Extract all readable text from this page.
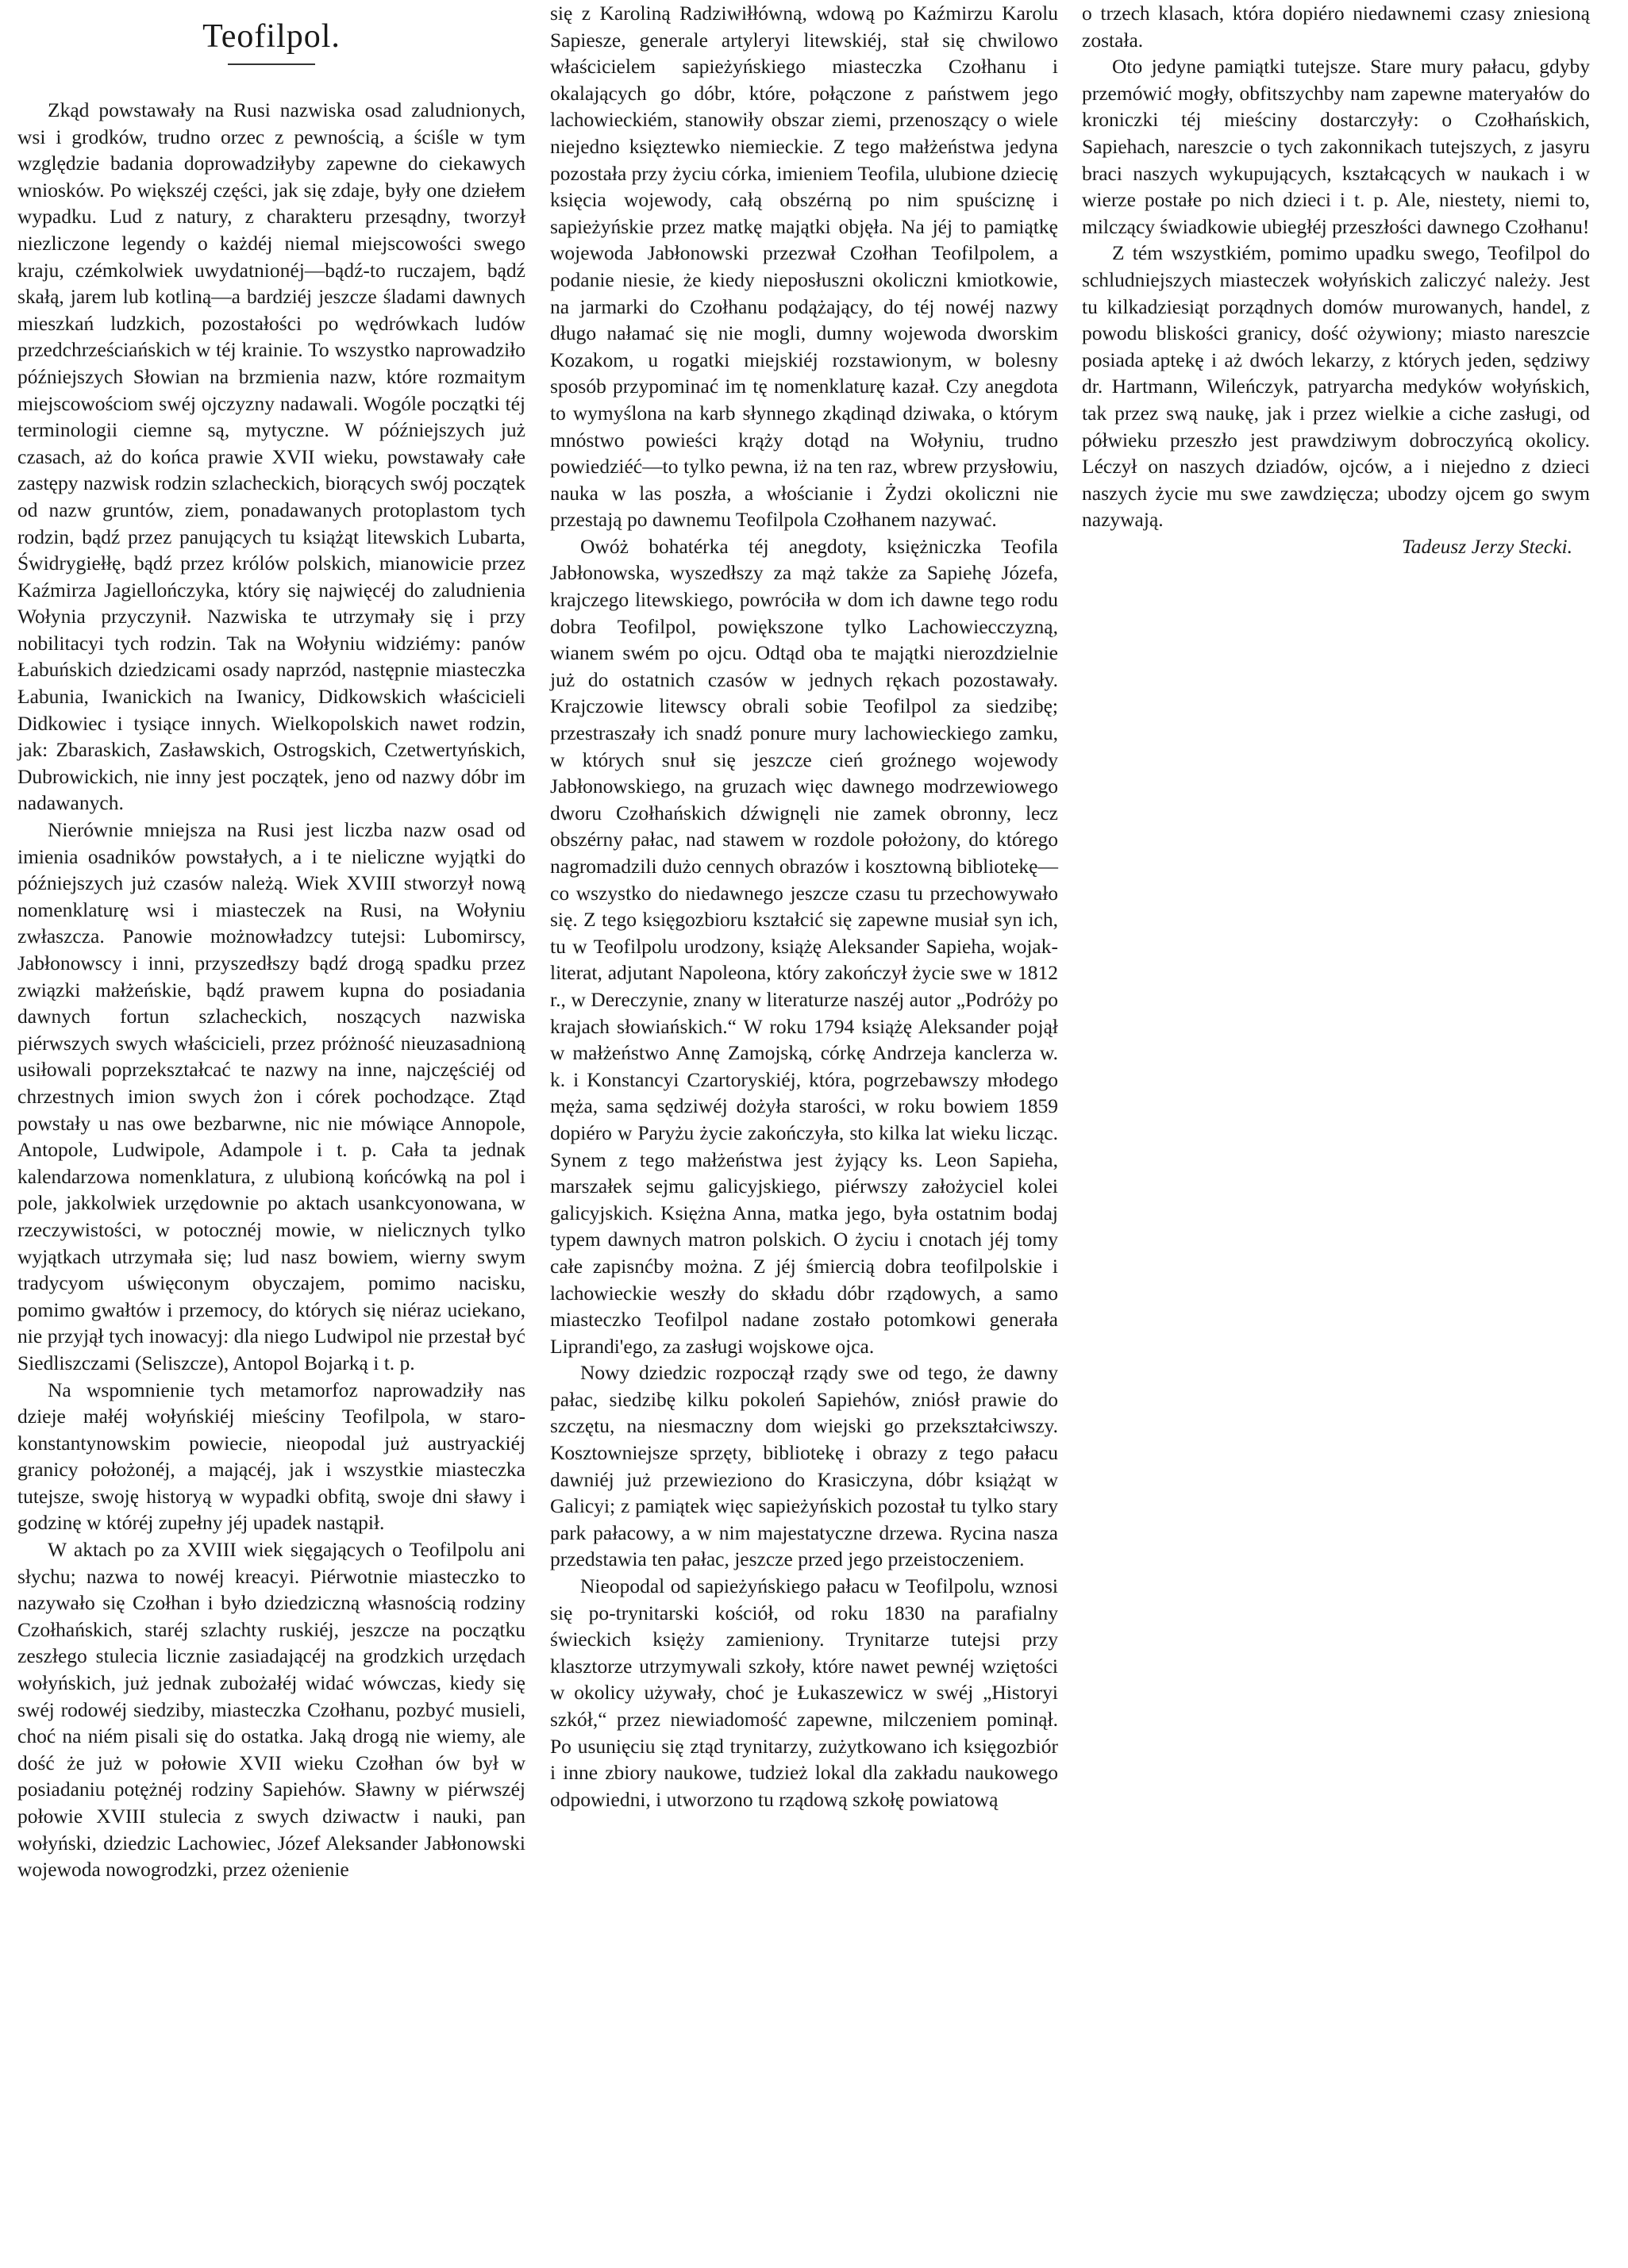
Teofilpol.

Zkąd powstawały na Rusi nazwiska osad zaludnionych, wsi i grodków, trudno orzec z pewnością, a ściśle w tym względzie badania doprowadziłyby zapewne do ciekawych wniosków. Po większéj części, jak się zdaje, były one dziełem wypadku. Lud z natury, z charakteru przesądny, tworzył niezliczone legendy o każdéj niemal miejscowości swego kraju, czémkolwiek uwydatnionéj—bądź-to ruczajem, bądź skałą, jarem lub kotliną—a bardziéj jeszcze śladami dawnych mieszkań ludzkich, pozostałości po wędrówkach ludów przedchrześciańskich w téj krainie. To wszystko naprowadziło późniejszych Słowian na brzmienia nazw, które rozmaitym miejscowościom swéj ojczyzny nadawali. Wogóle początki téj terminologii ciemne są, mytyczne. W późniejszych już czasach, aż do końca prawie XVII wieku, powstawały całe zastępy nazwisk rodzin szlacheckich, biorących swój początek od nazw gruntów, ziem, ponadawanych protoplastom tych rodzin, bądź przez panujących tu książąt litewskich Lubarta, Świdrygiełłę, bądź przez królów polskich, mianowicie przez Kaźmirza Jagiellończyka, który się najwięcéj do zaludnienia Wołynia przyczynił. Nazwiska te utrzymały się i przy nobilitacyi tych rodzin. Tak na Wołyniu widziémy: panów Łabuńskich dziedzicami osady naprzód, następnie miasteczka Łabunia, Iwanickich na Iwanicy, Didkowskich właścicieli Didkowiec i tysiące innych. Wielkopolskich nawet rodzin, jak: Zbaraskich, Zasławskich, Ostrogskich, Czetwertyńskich, Dubrowickich, nie inny jest początek, jeno od nazwy dóbr im nadawanych.

Nierównie mniejsza na Rusi jest liczba nazw osad od imienia osadników powstałych, a i te nieliczne wyjątki do późniejszych już czasów należą. Wiek XVIII stworzył nową nomenklaturę wsi i miasteczek na Rusi, na Wołyniu zwłaszcza. Panowie możnowładzcy tutejsi: Lubomirscy, Jabłonowscy i inni, przyszedłszy bądź drogą spadku przez związki małżeńskie, bądź prawem kupna do posiadania dawnych fortun szlacheckich, noszących nazwiska piérwszych swych właścicieli, przez próżność nieuzasadnioną usiłowali poprzekształcać te nazwy na inne, najczęściéj od chrzestnych imion swych żon i córek pochodzące. Ztąd powstały u nas owe bezbarwne, nic nie mówiące Annopole, Antopole, Ludwipole, Adampole i t. p. Cała ta jednak kalendarzowa nomenklatura, z ulubioną końcówką na pol i pole, jakkolwiek urzędownie po aktach usankcyonowana, w rzeczywistości, w potocznéj mowie, w nielicznych tylko wyjątkach utrzymała się; lud nasz bowiem, wierny swym tradycyom uświęconym obyczajem, pomimo nacisku, pomimo gwałtów i przemocy, do których się niéraz uciekano, nie przyjął tych inowacyj: dla niego Ludwipol nie przestał być Siedliszczami (Seliszcze), Antopol Bojarką i t. p.

Na wspomnienie tych metamorfoz naprowadziły nas dzieje małéj wołyńskiéj mieściny Teofilpola, w staro-konstantynowskim powiecie, nieopodal już austryackiéj granicy położonéj, a mającéj, jak i wszystkie miasteczka tutejsze, swoję historyą w wypadki obfitą, swoje dni sławy i godzinę w któréj zupełny jéj upadek nastąpił.

W aktach po za XVIII wiek sięgających o Teofilpolu ani słychu; nazwa to nowéj kreacyi. Piérwotnie miasteczko to nazywało się Czołhan i było dziedziczną własnością rodziny Czołhańskich, staréj szlachty ruskiéj, jeszcze na początku zeszłego stulecia licznie zasiadającéj na grodzkich urzędach wołyńskich, już jednak zubożałéj widać wówczas, kiedy się swéj rodowéj siedziby, miasteczka Czołhanu, pozbyć musieli, choć na niém pisali się do ostatka. Jaką drogą nie wiemy, ale dość że już w połowie XVII wieku Czołhan ów był w posiadaniu potężnéj rodziny Sapiehów. Sławny w piérwszéj połowie XVIII stulecia z swych dziwactw i nauki, pan wołyński, dziedzic Lachowiec, Józef Aleksander Jabłonowski wojewoda nowogrodzki, przez ożenienie

się z Karoliną Radziwiłłówną, wdową po Kaźmirzu Karolu Sapiesze, generale artyleryi litewskiéj, stał się chwilowo właścicielem sapieżyńskiego miasteczka Czołhanu i okalających go dóbr, które, połączone z państwem jego lachowieckiém, stanowiły obszar ziemi, przenoszący o wiele niejedno księztewko niemieckie. Z tego małżeństwa jedyna pozostała przy życiu córka, imieniem Teofila, ulubione dziecię księcia wojewody, całą obszérną po nim spuściznę i sapieżyńskie przez matkę majątki objęła. Na jéj to pamiątkę wojewoda Jabłonowski przezwał Czołhan Teofilpolem, a podanie niesie, że kiedy nieposłuszni okoliczni kmiotkowie, na jarmarki do Czołhanu podążający, do téj nowéj nazwy długo nałamać się nie mogli, dumny wojewoda dworskim Kozakom, u rogatki miejskiéj rozstawionym, w bolesny sposób przypominać im tę nomenklaturę kazał. Czy anegdota to wymyślona na karb słynnego zkądinąd dziwaka, o którym mnóstwo powieści krąży dotąd na Wołyniu, trudno powiedziéć—to tylko pewna, iż na ten raz, wbrew przysłowiu, nauka w las poszła, a włościanie i Żydzi okoliczni nie przestają po dawnemu Teofilpola Czołhanem nazywać.

Owóż bohatérka téj anegdoty, księżniczka Teofila Jabłonowska, wyszedłszy za mąż także za Sapiehę Józefa, krajczego litewskiego, powróciła w dom ich dawne tego rodu dobra Teofilpol, powiększone tylko Lachowiecczyzną, wianem swém po ojcu. Odtąd oba te majątki nierozdzielnie już do ostatnich czasów w jednych rękach pozostawały. Krajczowie litewscy obrali sobie Teofilpol za siedzibę; przestraszały ich snadź ponure mury lachowieckiego zamku, w których snuł się jeszcze cień groźnego wojewody Jabłonowskiego, na gruzach więc dawnego modrzewiowego dworu Czołhańskich dźwignęli nie zamek obronny, lecz obszérny pałac, nad stawem w rozdole położony, do którego nagromadzili dużo cennych obrazów i kosztowną bibliotekę—co wszystko do niedawnego jeszcze czasu tu przechowywało się. Z tego księgozbioru kształcić się zapewne musiał syn ich, tu w Teofilpolu urodzony, książę Aleksander Sapieha, wojak-literat, adjutant Napoleona, który zakończył życie swe w 1812 r., w Dereczynie, znany w literaturze naszéj autor „Podróży po krajach słowiańskich.“ W roku 1794 książę Aleksander pojął w małżeństwo Annę Zamojską, córkę Andrzeja kanclerza w. k. i Konstancyi Czartoryskiéj, która, pogrzebawszy młodego męża, sama sędziwéj dożyła starości, w roku bowiem 1859 dopiéro w Paryżu życie zakończyła, sto kilka lat wieku licząc. Synem z tego małżeństwa jest żyjący ks. Leon Sapieha, marszałek sejmu galicyjskiego, piérwszy założyciel kolei galicyjskich. Księżna Anna, matka jego, była ostatnim bodaj typem dawnych matron polskich. O życiu i cnotach jéj tomy całe zapisnćby można. Z jéj śmiercią dobra teofilpolskie i lachowieckie weszły do składu dóbr rządowych, a samo miasteczko Teofilpol nadane zostało potomkowi generała Liprandi'ego, za zasługi wojskowe ojca.

Nowy dziedzic rozpoczął rządy swe od tego, że dawny pałac, siedzibę kilku pokoleń Sapiehów, zniósł prawie do szczętu, na niesmaczny dom wiejski go przekształciwszy. Kosztowniejsze sprzęty, bibliotekę i obrazy z tego pałacu dawniéj już przewieziono do Krasiczyna, dóbr książąt w Galicyi; z pamiątek więc sapieżyńskich pozostał tu tylko stary park pałacowy, a w nim majestatyczne drzewa. Rycina nasza przedstawia ten pałac, jeszcze przed jego przeistoczeniem.

Nieopodal od sapieżyńskiego pałacu w Teofilpolu, wznosi się po-trynitarski kościół, od roku 1830 na parafialny świeckich księży zamieniony. Trynitarze tutejsi przy klasztorze utrzymywali szkoły, które nawet pewnéj wziętości w okolicy używały, choć je Łukaszewicz w swéj „Historyi szkół,“ przez niewiadomość zapewne, milczeniem pominął. Po usunięciu się ztąd trynitarzy, zużytkowano ich księgozbiór i inne zbiory naukowe, tudzież lokal dla zakładu naukowego odpowiedni, i utworzono tu rządową szkołę powiatową

o trzech klasach, która dopiéro niedawnemi czasy zniesioną została.

Oto jedyne pamiątki tutejsze. Stare mury pałacu, gdyby przemówić mogły, obfitszychby nam zapewne materyałów do kroniczki téj mieściny dostarczyły: o Czołhańskich, Sapiehach, nareszcie o tych zakonnikach tutejszych, z jasyru braci naszych wykupujących, kształcących w naukach i w wierze postałe po nich dzieci i t. p. Ale, niestety, niemi to, milczący świadkowie ubiegłéj przeszłości dawnego Czołhanu!

Z tém wszystkiém, pomimo upadku swego, Teofilpol do schludniejszych miasteczek wołyńskich zaliczyć należy. Jest tu kilkadziesiąt porządnych domów murowanych, handel, z powodu bliskości granicy, dość ożywiony; miasto nareszcie posiada aptekę i aż dwóch lekarzy, z których jeden, sędziwy dr. Hartmann, Wileńczyk, patryarcha medyków wołyńskich, tak przez swą naukę, jak i przez wielkie a ciche zasługi, od półwieku przeszło jest prawdziwym dobroczyńcą okolicy. Léczył on naszych dziadów, ojców, a i niejedno z dzieci naszych życie mu swe zawdzięcza; ubodzy ojcem go swym nazywają.

Tadeusz Jerzy Stecki.
